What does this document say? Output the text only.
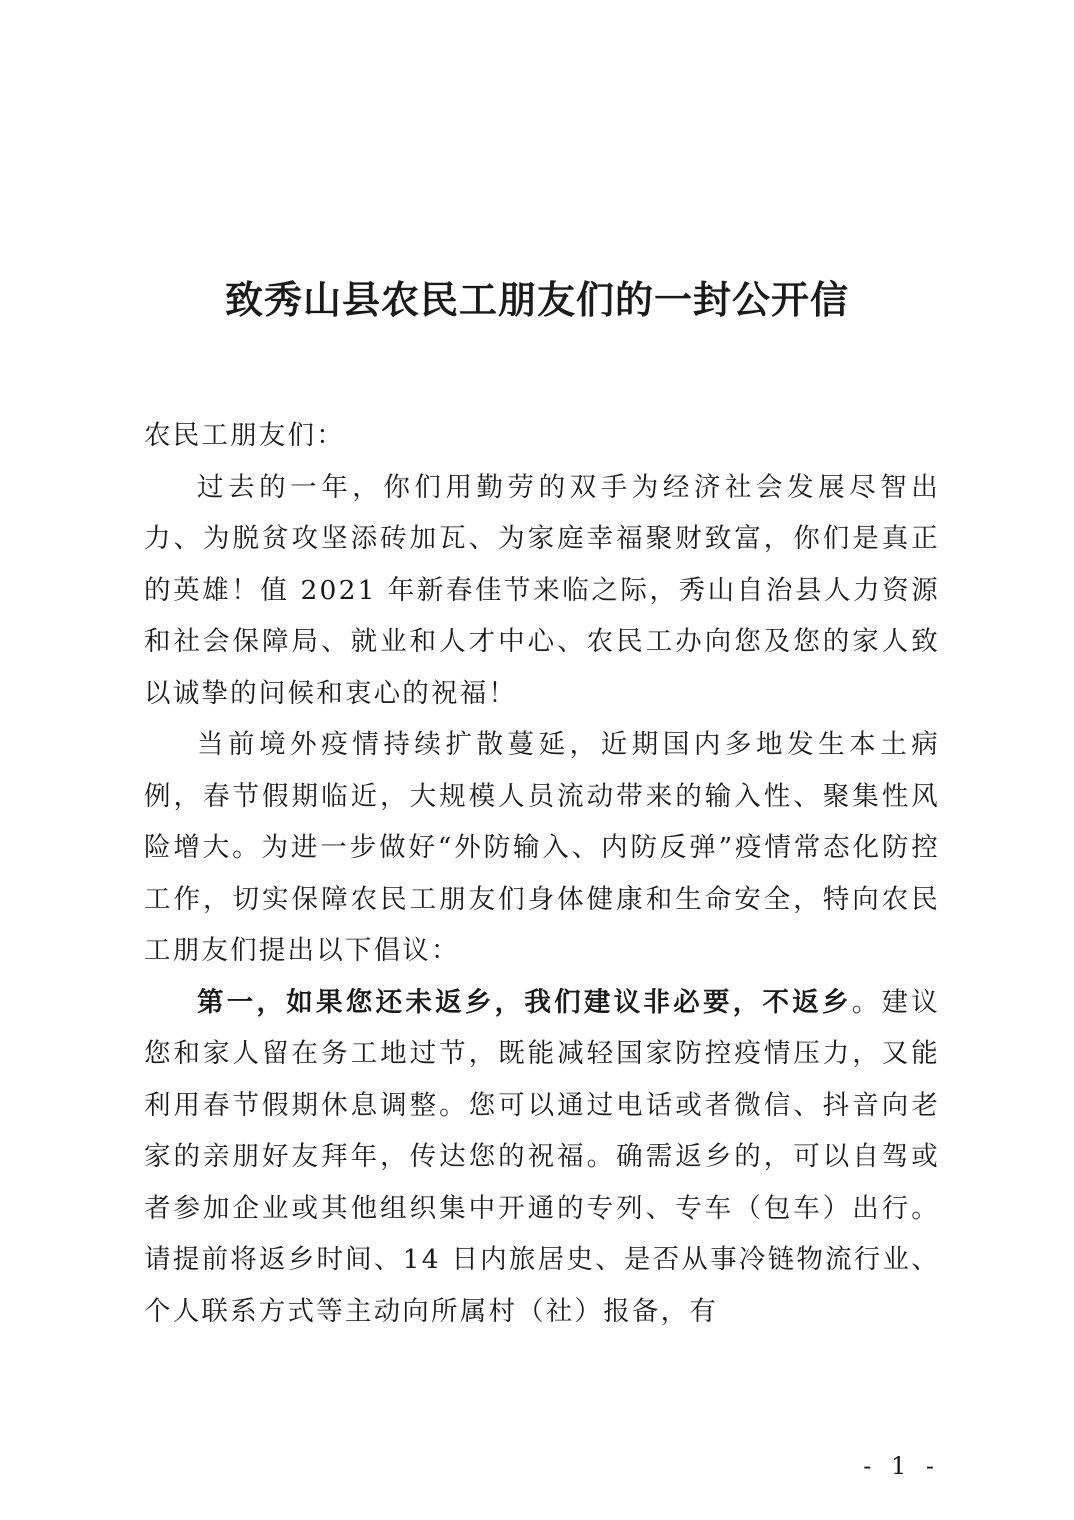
致秀山县农民工朋友们的一封公开信

农民工朋友们：

过去的一年，你们用勤劳的双手为经济社会发展尽智出力、为脱贫攻坚添砖加瓦、为家庭幸福聚财致富，你们是真正的英雄！值 2021 年新春佳节来临之际，秀山自治县人力资源和社会保障局、就业和人才中心、农民工办向您及您的家人致以诚挚的问候和衷心的祝福！

当前境外疫情持续扩散蔓延，近期国内多地发生本土病例，春节假期临近，大规模人员流动带来的输入性、聚集性风险增大。为进一步做好“外防输入、内防反弹”疫情常态化防控工作，切实保障农民工朋友们身体健康和生命安全，特向农民工朋友们提出以下倡议：

第一，如果您还未返乡，我们建议非必要，不返乡。建议您和家人留在务工地过节，既能减轻国家防控疫情压力，又能利用春节假期休息调整。您可以通过电话或者微信、抖音向老家的亲朋好友拜年，传达您的祝福。确需返乡的，可以自驾或者参加企业或其他组织集中开通的专列、专车（包车）出行。请提前将返乡时间、14 日内旅居史、是否从事冷链物流行业、个人联系方式等主动向所属村（社）报备，有

- 1 -
